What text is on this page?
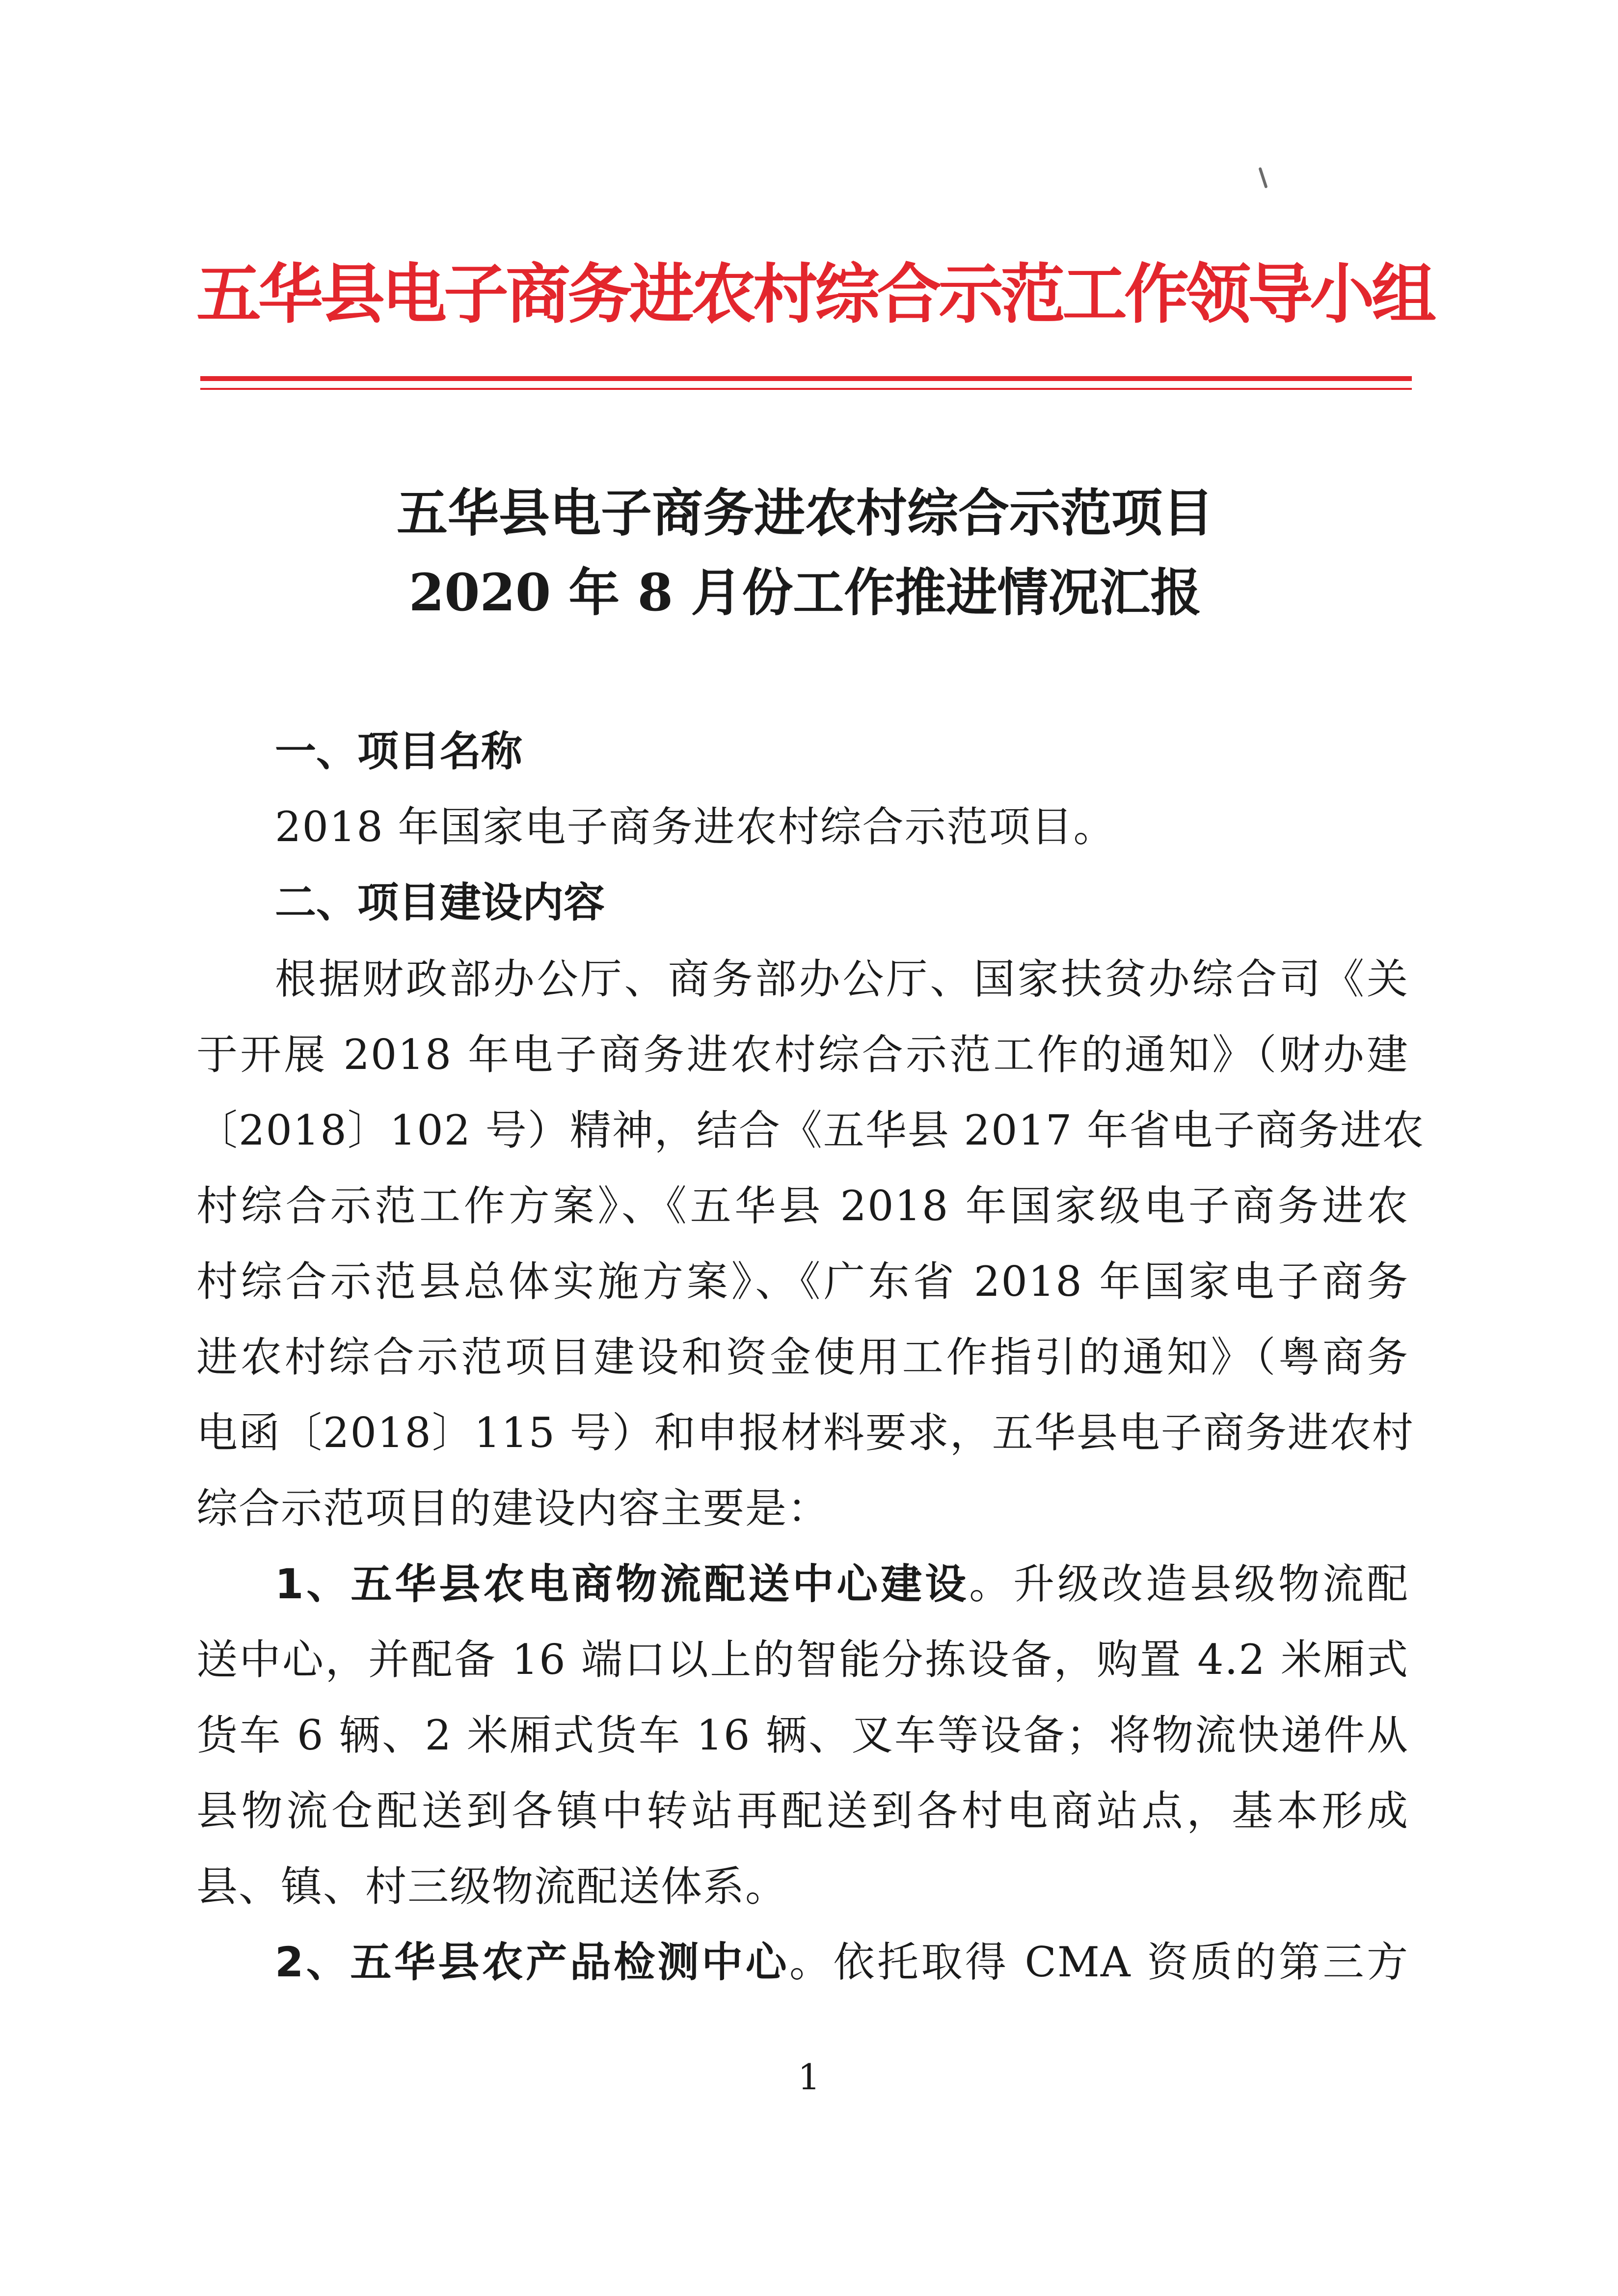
五华县电子商务进农村综合示范工作领导小组
五华县电子商务进农村综合示范项目
2020 年 8 月份工作推进情况汇报
一、项目名称
2018 年国家电子商务进农村综合示范项目。
二、项目建设内容
根据财政部办公厅、商务部办公厅、国家扶贫办综合司《关
于开展 2018 年电子商务进农村综合示范工作的通知》（财办建
〔2018〕102 号）精神，结合《五华县 2017 年省电子商务进农
村综合示范工作方案》、《五华县 2018 年国家级电子商务进农
村综合示范县总体实施方案》、《广东省 2018 年国家电子商务
进农村综合示范项目建设和资金使用工作指引的通知》（粤商务
电函〔2018〕115 号）和申报材料要求，五华县电子商务进农村
综合示范项目的建设内容主要是：
1、五华县农电商物流配送中心建设。升级改造县级物流配
送中心，并配备 16 端口以上的智能分拣设备，购置 4.2 米厢式
货车 6 辆、2 米厢式货车 16 辆、叉车等设备；将物流快递件从
县物流仓配送到各镇中转站再配送到各村电商站点，基本形成
县、镇、村三级物流配送体系。
2、五华县农产品检测中心。依托取得 CMA 资质的第三方
1
